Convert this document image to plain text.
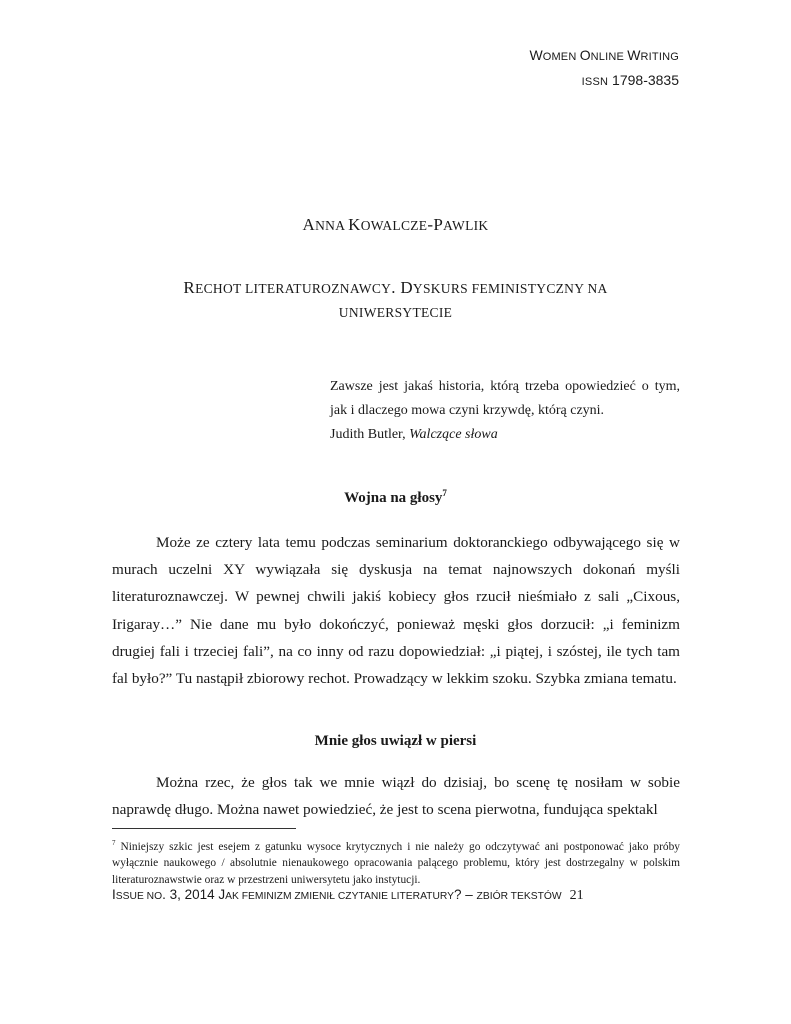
WOMEN ONLINE WRITING
ISSN 1798-3835
ANNA KOWALCZE-PAWLIK
RECHOT LITERATUROZNAWCY. DYSKURS FEMINISTYCZNY NA
UNIWERSYTECIE
Zawsze jest jakaś historia, którą trzeba opowiedzieć o tym,
jak i dlaczego mowa czyni krzywdę, którą czyni.
Judith Butler, Walczące słowa
Wojna na głosy$^7$
Może ze cztery lata temu podczas seminarium doktoranckiego odbywającego się w murach uczelni XY wywiązała się dyskusja na temat najnowszych dokonań myśli literaturoznawczej. W pewnej chwili jakiś kobiecy głos rzucił nieśmiało z sali „Cixous, Irigaray…” Nie dane mu było dokończyć, ponieważ męski głos dorzucił: „i feminizm drugiej fali i trzeciej fali”, na co inny od razu dopowiedział: „i piątej, i szóstej, ile tych tam fal było?” Tu nastąpił zbiorowy rechot. Prowadzący w lekkim szoku. Szybka zmiana tematu.
Mnie głos uwiązł w piersi
Można rzec, że głos tak we mnie wiązł do dzisiaj, bo scenę tę nosiłam w sobie naprawdę długo. Można nawet powiedzieć, że jest to scena pierwotna, fundująca spektakl
$^7$ Niniejszy szkic jest esejem z gatunku wysoce krytycznych i nie należy go odczytywać ani postponować jako próby wyłącznie naukowego / absolutnie nienaukowego opracowania palącego problemu, który jest dostrzegalny w polskim literaturoznawstwie oraz w przestrzeni uniwersytetu jako instytucji.
ISSUE NO. 3, 2014 JAK FEMINIZM ZMIENIŁ CZYTANIE LITERATURY? – ZBIÓR TEKSTÓW 21
